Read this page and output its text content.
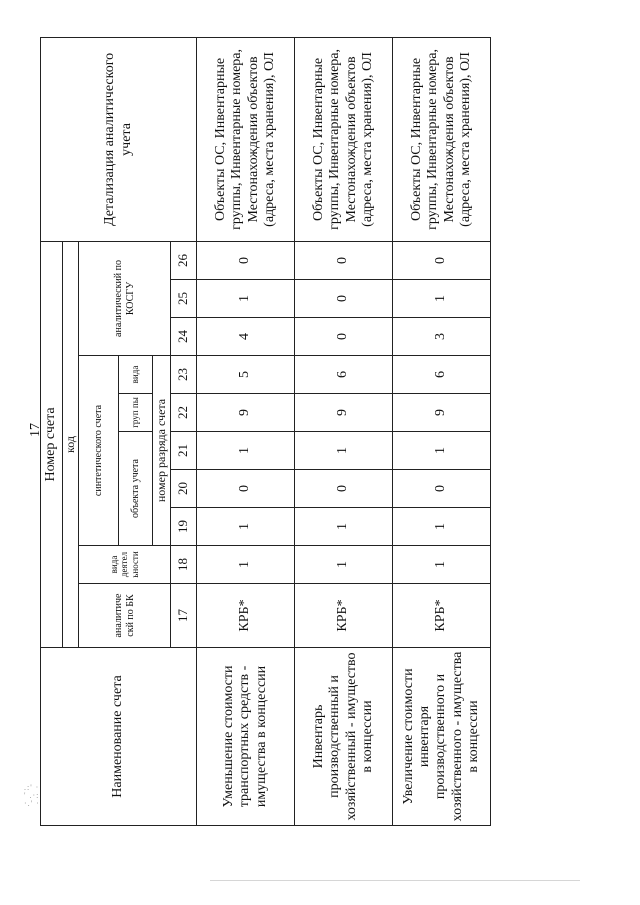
17
Наименование счета	Номер счета										Детализация аналитического учета
	код										
	аналитиче скй по БК	вида деятел ьности	синтетического счета					аналитический по КОСГУ			
			объекта учета			груп пы	вида				
			номер разряда счета								
	17	18	19	20	21	22	23	24	25	26	
Уменьшение стоимости транспортных средств - имущества в концессии	КРБ*	1	1	0	1	9	5	4	1	0	Объекты ОС, Инвентарные группы, Инвентарные номера, Местонахождения объектов (адреса, места хранения), ОЛ
Инвентарь производственный и хозяйственный - имущество в концессии	КРБ*	1	1	0	1	9	6	0	0	0	Объекты ОС, Инвентарные группы, Инвентарные номера, Местонахождения объектов (адреса, места хранения), ОЛ
Увеличение стоимости инвентаря производственного и хозяйственного - имущества в концессии	КРБ*	1	1	0	1	9	6	3	1	0	Объекты ОС, Инвентарные группы, Инвентарные номера, Местонахождения объектов (адреса, места хранения), ОЛ
.:' ·
' .·:
·.' ·
